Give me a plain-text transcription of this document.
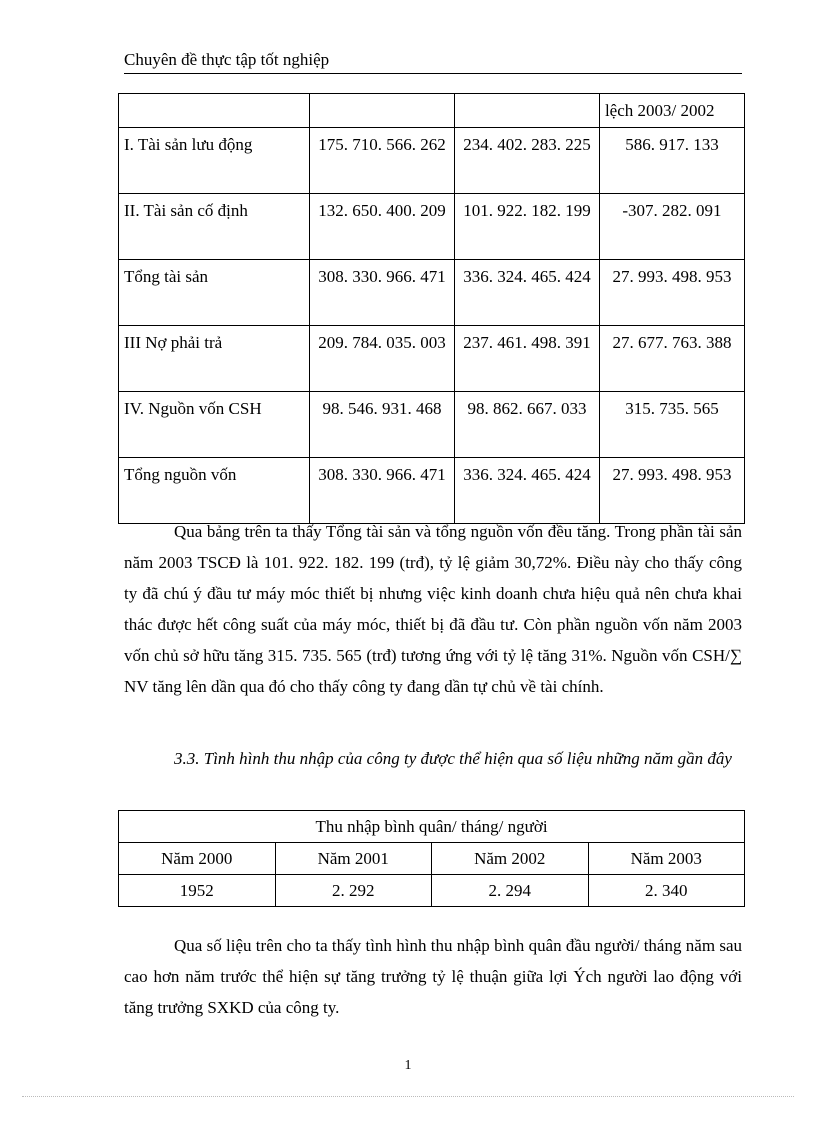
Chuyên đề thực tập tốt nghiệp
			lệch 2003/ 2002
I. Tài sản lưu động	175. 710. 566. 262	234. 402. 283. 225	586. 917. 133
II. Tài sản cố định	132. 650. 400. 209	101. 922. 182. 199	-307. 282. 091
Tổng tài sản	308. 330. 966. 471	336. 324. 465. 424	27. 993. 498. 953
III Nợ phải trả	209. 784. 035. 003	237. 461. 498. 391	27. 677. 763. 388
IV. Nguồn vốn CSH	98. 546. 931. 468	98. 862. 667. 033	315. 735. 565
Tổng nguồn vốn	308. 330. 966. 471	336. 324. 465. 424	27. 993. 498. 953

Qua bảng trên ta thấy Tổng tài sản và tổng nguồn vốn đều tăng. Trong phần tài sản năm 2003 TSCĐ là 101. 922. 182. 199 (trđ), tỷ lệ giảm 30,72%. Điều này cho thấy công ty đã chú ý đầu tư máy móc thiết bị nhưng việc kinh doanh chưa hiệu quả nên chưa khai thác được hết công suất của máy móc, thiết bị đã đầu tư. Còn phần nguồn vốn năm 2003 vốn chủ sở hữu tăng 315. 735. 565 (trđ) tương ứng với tỷ lệ tăng 31%. Nguồn vốn CSH/∑ NV tăng lên dần qua đó cho thấy công ty đang dần tự chủ về tài chính.

3.3. Tình hình thu nhập của công ty được thể hiện qua số liệu những năm gần đây

Thu nhập bình quân/ tháng/ người			
Năm 2000	Năm 2001	Năm 2002	Năm 2003
1952	2. 292	2. 294	2. 340

Qua số liệu trên cho ta thấy tình hình thu nhập bình quân đầu người/ tháng năm sau cao hơn năm trước thể hiện sự tăng trưởng tỷ lệ thuận giữa lợi Ých người lao động với tăng trưởng SXKD của công ty.

1
